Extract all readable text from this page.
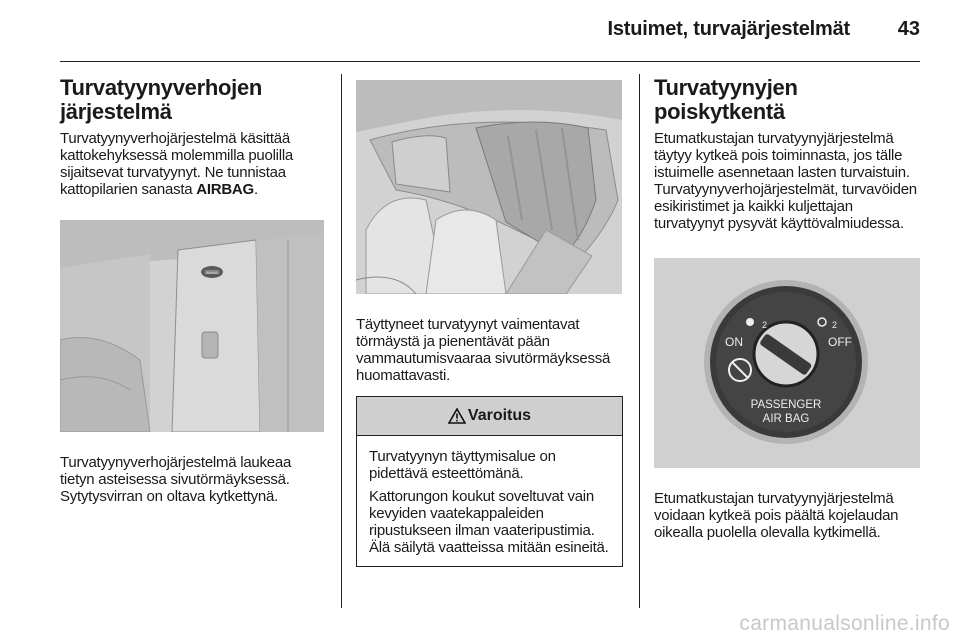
Istuimet, turvajärjestelmät	43
Turvatyynyverhojen järjestelmä

Turvatyynyverhojärjestelmä käsittää kattokehyksessä molemmilla puolilla sijaitsevat turvatyynyt. Ne tunnistaa kattopilarien sanasta AIRBAG.

AIRBAG

Turvatyynyverhojärjestelmä laukeaa tietyn asteisessa sivutörmäyksessä. Sytytysvirran on oltava kytkettynä.

Täyttyneet turvatyynyt vaimentavat törmäystä ja pienentävät pään vammautumisvaaraa sivutörmäyksessä huomattavasti.

Varoitus

Turvatyynyn täyttymisalue on pidettävä esteettömänä.

Kattorungon koukut soveltuvat vain kevyiden vaatekappaleiden ripustukseen ilman vaateripustimia. Älä säilytä vaatteissa mitään esineitä.

Turvatyynyjen poiskytkentä

Etumatkustajan turvatyynyjärjestelmä täytyy kytkeä pois toiminnasta, jos tälle istuimelle asennetaan lasten turvaistuin. Turvatyynyverhojärjestelmät, turvavöiden esikiristimet ja kaikki kuljettajan turvatyynyt pysyvät käyttövalmiudessa.

2	2
ON	OFF
PASSENGER
AIR BAG

Etumatkustajan turvatyynyjärjestelmä voidaan kytkeä pois päältä kojelaudan oikealla puolella olevalla kytkimellä.

carmanualsonline.info
